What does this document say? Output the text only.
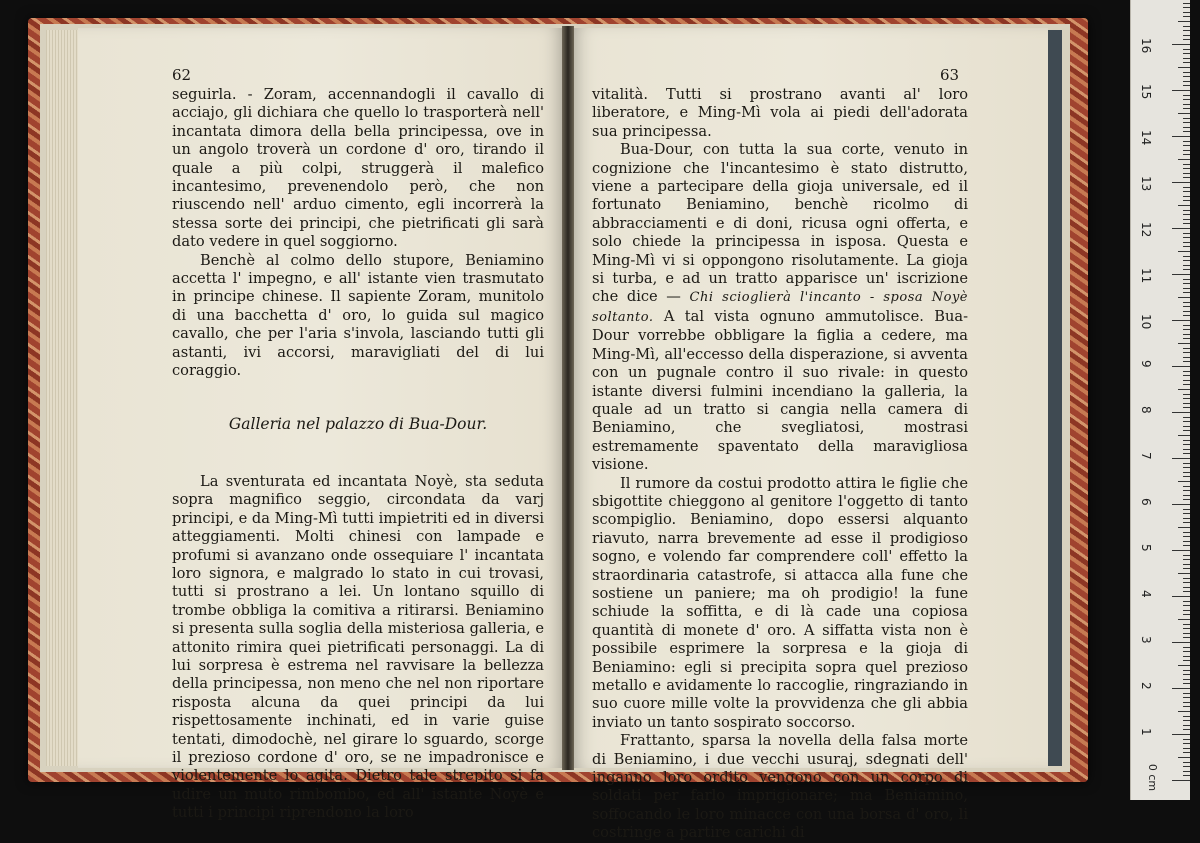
62	63

seguirla. - Zoram, accennandogli il cavallo di acciajo, gli dichiara che quello lo trasporterà nell' incantata dimora della bella principessa, ove in un angolo troverà un cordone d' oro, tirando il quale a più colpi, struggerà il malefico incantesimo, prevenendolo però, che non riuscendo nell' arduo cimento, egli incorrerà la stessa sorte dei principi, che pietrificati gli sarà dato vedere in quel soggiorno.

Benchè al colmo dello stupore, Beniamino accetta l' impegno, e all' istante vien trasmutato in principe chinese. Il sapiente Zoram, munitolo di una bacchetta d' oro, lo guida sul magico cavallo, che per l'aria s'invola, lasciando tutti gli astanti, ivi accorsi, maravigliati del di lui coraggio.

Galleria nel palazzo di Bua-Dour.

La sventurata ed incantata Noyè, sta seduta sopra magnifico seggio, circondata da varj principi, e da Ming-Mì tutti impietriti ed in diversi atteggiamenti. Molti chinesi con lampade e profumi si avanzano onde ossequiare l' incantata loro signora, e malgrado lo stato in cui trovasi, tutti si prostrano a lei. Un lontano squillo di trombe obbliga la comitiva a ritirarsi. Beniamino si presenta sulla soglia della misteriosa galleria, e attonito rimira quei pietrificati personaggi. La di lui sorpresa è estrema nel ravvisare la bellezza della principessa, non meno che nel non riportare risposta alcuna da quei principi da lui rispettosamente inchinati, ed in varie guise tentati, dimodochè, nel girare lo sguardo, scorge il prezioso cordone d' oro, se ne impadronisce e violentemente lo agita. Dietro tale strepito si fa udire un muto rimbombo, ed all' istante Noyè e tutti i principi riprendono la loro

vitalità. Tutti si prostrano avanti al' loro liberatore, e Ming-Mì vola ai piedi dell'adorata sua principessa.

Bua-Dour, con tutta la sua corte, venuto in cognizione che l'incantesimo è stato distrutto, viene a partecipare della gioja universale, ed il fortunato Beniamino, benchè ricolmo di abbracciamenti e di doni, ricusa ogni offerta, e solo chiede la principessa in isposa. Questa e Ming-Mì vi si oppongono risolutamente. La gioja si turba, e ad un tratto apparisce un' iscrizione che dice — Chi scioglierà l'incanto - sposa Noyè soltanto. A tal vista ognuno ammutolisce. Bua-Dour vorrebbe obbligare la figlia a cedere, ma Ming-Mì, all'eccesso della disperazione, si avventa con un pugnale contro il suo rivale: in questo istante diversi fulmini incendiano la galleria, la quale ad un tratto si cangia nella camera di Beniamino, che svegliatosi, mostrasi estremamente spaventato della maravigliosa visione.

Il rumore da costui prodotto attira le figlie che sbigottite chieggono al genitore l'oggetto di tanto scompiglio. Beniamino, dopo essersi alquanto riavuto, narra brevemente ad esse il prodigioso sogno, e volendo far comprendere coll' effetto la straordinaria catastrofe, si attacca alla fune che sostiene un paniere; ma oh prodigio! la fune schiude la soffitta, e di là cade una copiosa quantità di monete d' oro. A siffatta vista non è possibile esprimere la sorpresa e la gioja di Beniamino: egli si precipita sopra quel prezioso metallo e avidamente lo raccoglie, ringraziando in suo cuore mille volte la provvidenza che gli abbia inviato un tanto sospirato soccorso.

Frattanto, sparsa la novella della falsa morte di Beniamino, i due vecchi usuraj, sdegnati dell' inganno loro ordito vengono con un corpo di soldati per farlo imprigionare; ma Beniamino, soffocando le loro minacce con una borsa d' oro, li costringe a partire carichi di

0 cm
1
2
3
4
5
6
7
8
9
10
11
12
13
14
15
16
